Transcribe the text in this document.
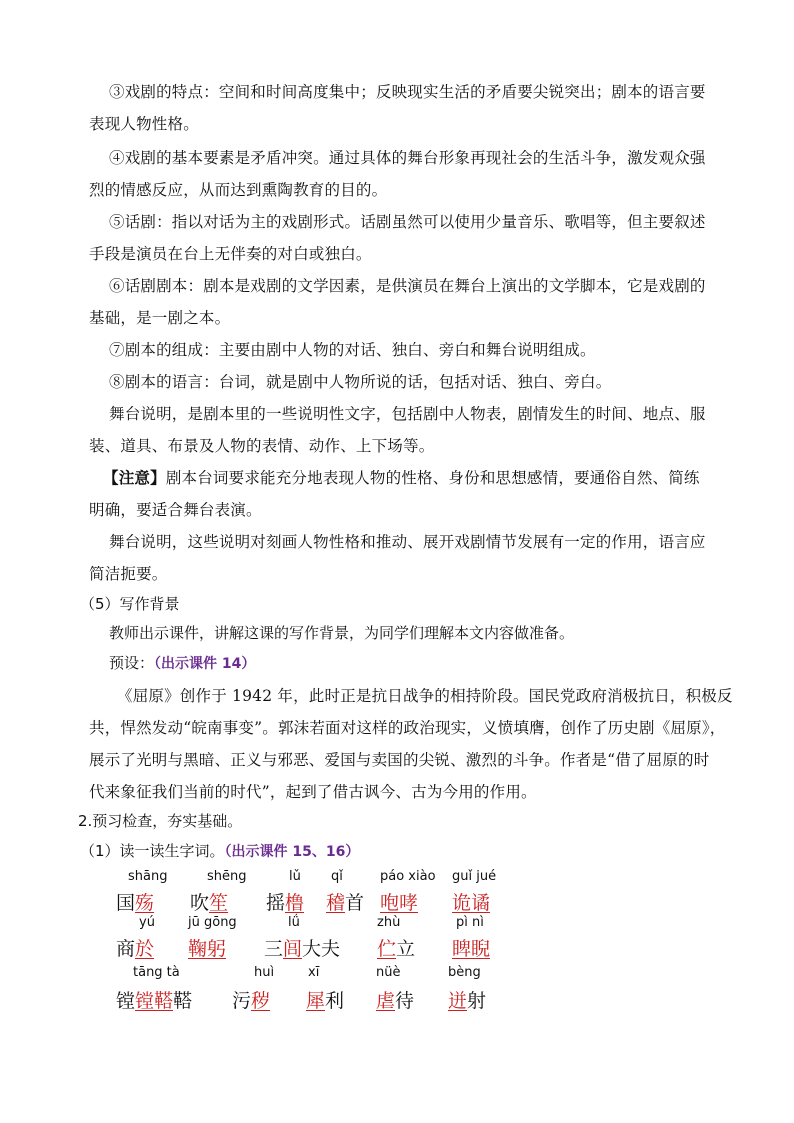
③戏剧的特点：空间和时间高度集中；反映现实生活的矛盾要尖锐突出；剧本的语言要
表现人物性格。
④戏剧的基本要素是矛盾冲突。通过具体的舞台形象再现社会的生活斗争，激发观众强
烈的情感反应，从而达到熏陶教育的目的。
⑤话剧：指以对话为主的戏剧形式。话剧虽然可以使用少量音乐、歌唱等，但主要叙述
手段是演员在台上无伴奏的对白或独白。
⑥话剧剧本：剧本是戏剧的文学因素，是供演员在舞台上演出的文学脚本，它是戏剧的
基础，是一剧之本。
⑦剧本的组成：主要由剧中人物的对话、独白、旁白和舞台说明组成。
⑧剧本的语言：台词，就是剧中人物所说的话，包括对话、独白、旁白。
舞台说明，是剧本里的一些说明性文字，包括剧中人物表，剧情发生的时间、地点、服
装、道具、布景及人物的表情、动作、上下场等。
【注意】剧本台词要求能充分地表现人物的性格、身份和思想感情，要通俗自然、简练
明确，要适合舞台表演。
舞台说明，这些说明对刻画人物性格和推动、展开戏剧情节发展有一定的作用，语言应
简洁扼要。
（5）写作背景
教师出示课件，讲解这课的写作背景，为同学们理解本文内容做准备。
预设：（出示课件 14）
《屈原》创作于 1942 年，此时正是抗日战争的相持阶段。国民党政府消极抗日，积极反
共，悍然发动“皖南事变”。郭沫若面对这样的政治现实，义愤填膺，创作了历史剧《屈原》，
展示了光明与黑暗、正义与邪恶、爱国与卖国的尖锐、激烈的斗争。作者是“借了屈原的时
代来象征我们当前的时代”，起到了借古讽今、古为今用的作用。
2.预习检查，夯实基础。
（1）读一读生字词。（出示课件 15、16）
shāng
国殇
shēng
吹笙
lǔ
摇橹
qǐ
稽首
páo xiào
咆哮
guǐ jué
诡谲
yú
商於
jū gōng
鞠躬
lǘ
三闾大夫
zhù
伫立
pì nì
睥睨
tāng tà
镗镗鞳鞳
huì
污秽
xī
犀利
nüè
虐待
bèng
迸射
